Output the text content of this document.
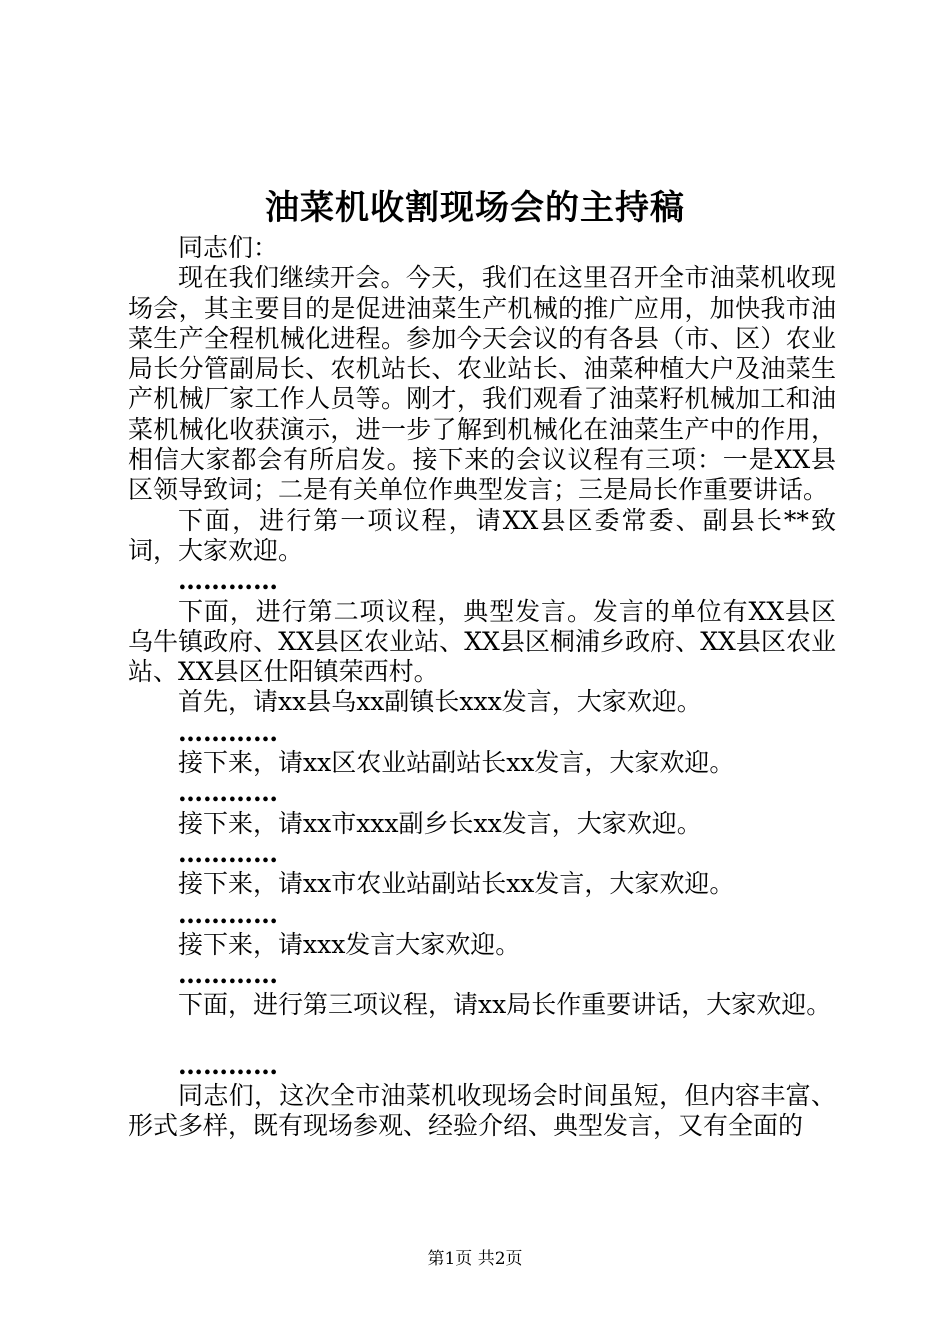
油菜机收割现场会的主持稿

同志们：

现在我们继续开会。今天，我们在这里召开全市油菜机收现场会，其主要目的是促进油菜生产机械的推广应用，加快我市油菜生产全程机械化进程。参加今天会议的有各县（市、区）农业局长分管副局长、农机站长、农业站长、油菜种植大户及油菜生产机械厂家工作人员等。刚才，我们观看了油菜籽机械加工和油菜机械化收获演示，进一步了解到机械化在油菜生产中的作用，相信大家都会有所启发。接下来的会议议程有三项：一是XX县区领导致词；二是有关单位作典型发言；三是局长作重要讲话。

下面，进行第一项议程，请XX县区委常委、副县长**致词，大家欢迎。

…………

下面，进行第二项议程，典型发言。发言的单位有XX县区乌牛镇政府、XX县区农业站、XX县区桐浦乡政府、XX县区农业站、XX县区仕阳镇荣西村。

首先，请xx县乌xx副镇长xxx发言，大家欢迎。

…………

接下来，请xx区农业站副站长xx发言，大家欢迎。

…………

接下来，请xx市xxx副乡长xx发言，大家欢迎。

…………

接下来，请xx市农业站副站长xx发言，大家欢迎。

…………

接下来，请xxx发言大家欢迎。

…………

下面，进行第三项议程，请xx局长作重要讲话，大家欢迎。

…………

同志们，这次全市油菜机收现场会时间虽短，但内容丰富、形式多样，既有现场参观、经验介绍、典型发言，又有全面的

第1页 共2页
